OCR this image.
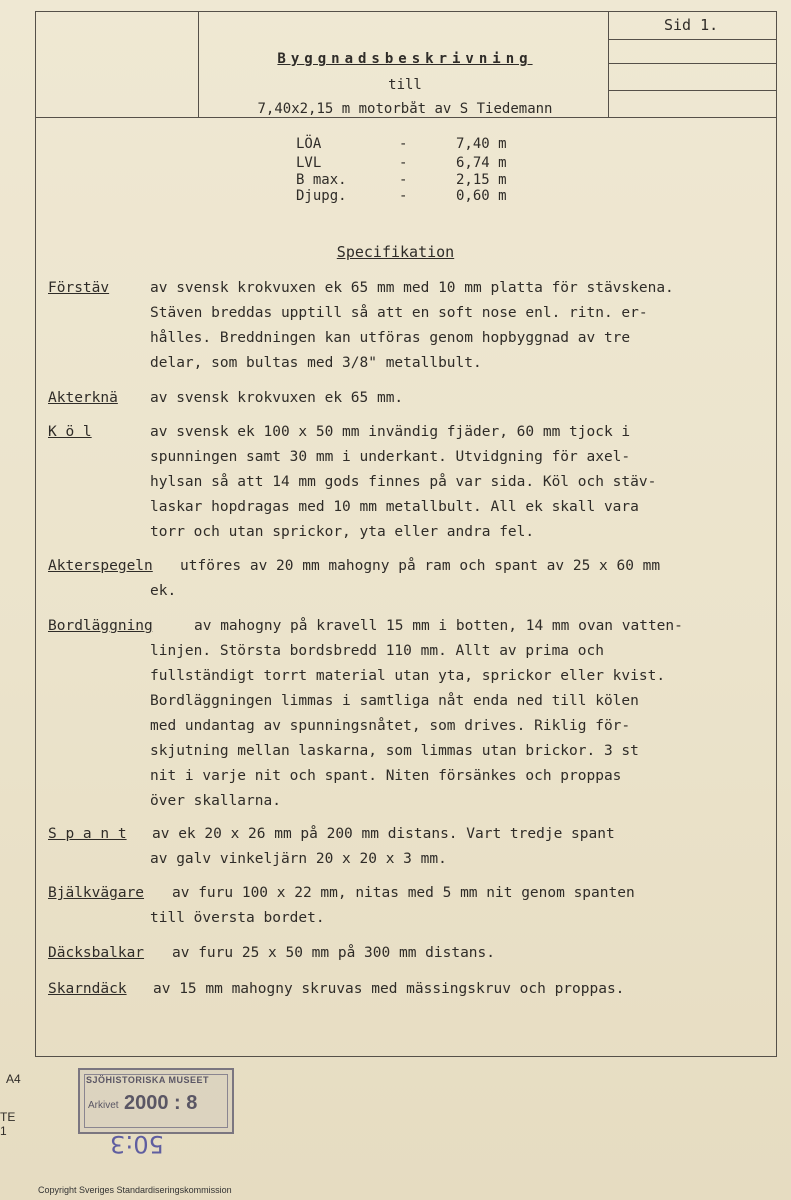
Sid 1.
Byggnadsbeskrivning
till
7,40x2,15 m motorbåt av S Tiedemann
LÖA	-	7,40 m
LVL	-	6,74 m
B max.	-	2,15 m
Djupg.	-	0,60 m
Specifikation
Förstäv	av svensk krokvuxen ek 65 mm med 10 mm platta för stävskena.
Stäven breddas upptill så att en soft nose enl. ritn. er-
hålles. Breddningen kan utföras genom hopbyggnad av tre
delar, som bultas med 3/8" metallbult.
Akterknä av svensk krokvuxen ek 65 mm.
K ö l	av svensk ek 100 x 50 mm invändig fjäder, 60 mm tjock i
spunningen samt 30 mm i underkant. Utvidgning för axel-
hylsan så att 14 mm gods finnes på var sida. Köl och stäv-
laskar hopdragas med 10 mm metallbult. All ek skall vara
torr och utan sprickor, yta eller andra fel.
Akterspegeln utföres av 20 mm mahogny på ram och spant av 25 x 60 mm
ek.
Bordläggning	av mahogny på kravell 15 mm i botten, 14 mm ovan vatten-
linjen. Största bordsbredd 110 mm. Allt av prima och
fullständigt torrt material utan yta, sprickor eller kvist.
Bordläggningen limmas i samtliga nåt enda ned till kölen
med undantag av spunningsnåtet, som drives. Riklig för-
skjutning mellan laskarna, som limmas utan brickor. 3 st
nit i varje nit och spant. Niten försänkes och proppas
över skallarna.
S p a n t av ek 20 x 26 mm på 200 mm distans. Vart tredje spant
av galv vinkeljärn 20 x 20 x 3 mm.
Bjälkvägare av furu 100 x 22 mm, nitas med 5 mm nit genom spanten
till översta bordet.
Däcksbalkar av furu 25 x 50 mm på 300 mm distans.
Skarndäck av 15 mm mahogny skruvas med mässingskruv och proppas.
A4
TE
1
SJÖHISTORISKA MUSEET
Arkivet 2000 : 8
50:3
Copyright Sveriges Standardiseringskommission
